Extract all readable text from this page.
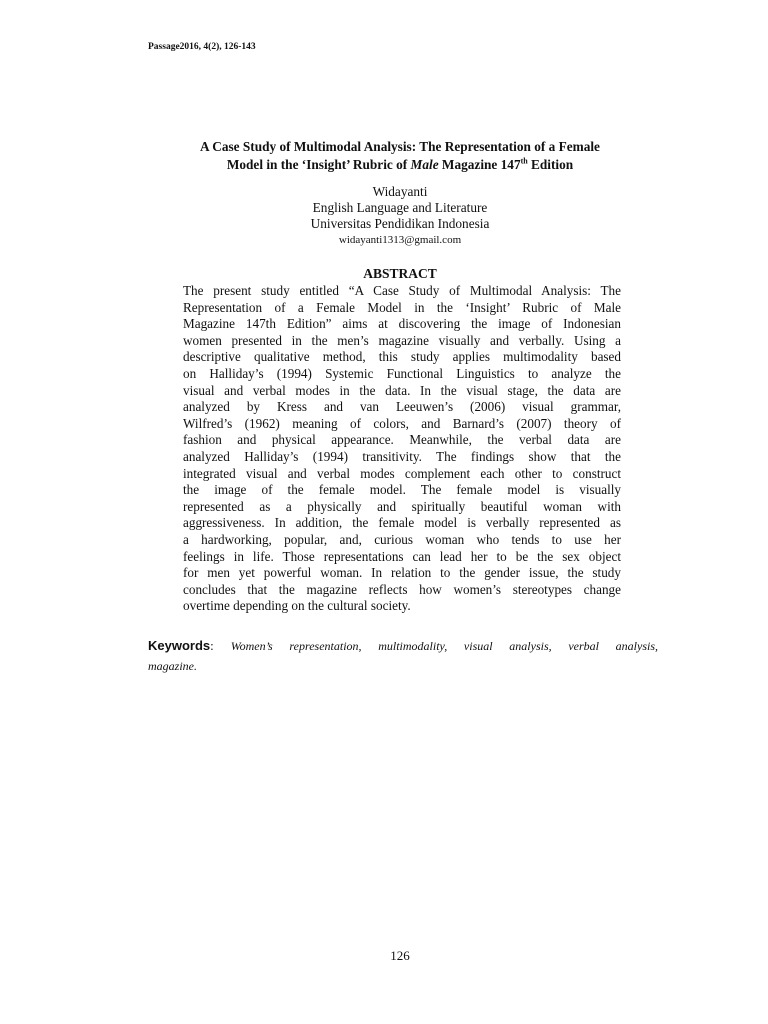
Passage2016, 4(2), 126-143
A Case Study of Multimodal Analysis: The Representation of a Female
Model in the ‘Insight’ Rubric of Male Magazine 147th Edition
Widayanti
English Language and Literature
Universitas Pendidikan Indonesia
widayanti1313@gmail.com
ABSTRACT
The present study entitled “A Case Study of Multimodal Analysis: The
Representation of a Female Model in the ‘Insight’ Rubric of Male
Magazine 147th Edition” aims at discovering the image of Indonesian
women presented in the men’s magazine visually and verbally. Using a
descriptive qualitative method, this study applies multimodality based
on Halliday’s (1994) Systemic Functional Linguistics to analyze the
visual and verbal modes in the data. In the visual stage, the data are
analyzed by Kress and van Leeuwen’s (2006) visual grammar,
Wilfred’s (1962) meaning of colors, and Barnard’s (2007) theory of
fashion and physical appearance. Meanwhile, the verbal data are
analyzed Halliday’s (1994) transitivity. The findings show that the
integrated visual and verbal modes complement each other to construct
the image of the female model. The female model is visually
represented as a physically and spiritually beautiful woman with
aggressiveness. In addition, the female model is verbally represented as
a hardworking, popular, and, curious woman who tends to use her
feelings in life. Those representations can lead her to be the sex object
for men yet powerful woman. In relation to the gender issue, the study
concludes that the magazine reflects how women’s stereotypes change
overtime depending on the cultural society.
Keywords: Women’s representation, multimodality, visual analysis, verbal analysis,
magazine.
126
